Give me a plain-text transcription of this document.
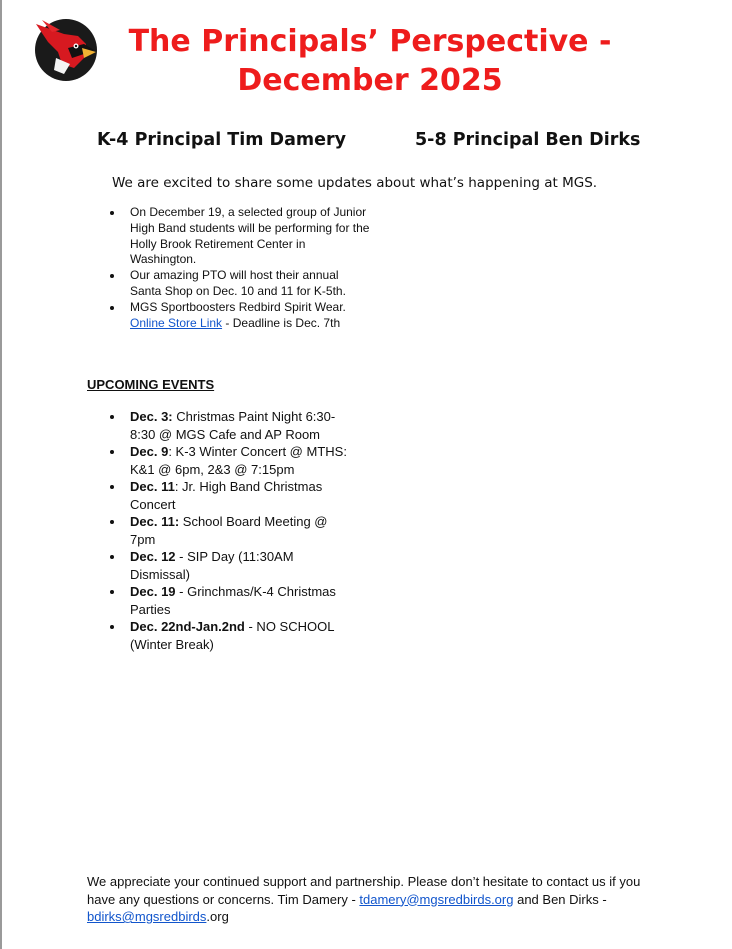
The Principals’ Perspective -
December 2025
K-4 Principal Tim Damery	5-8 Principal Ben Dirks

We are excited to share some updates about what’s happening at MGS.

On December 19, a selected group of Junior High Band students will be performing for the Holly Brook Retirement Center in Washington.
Our amazing PTO will host their annual Santa Shop on Dec. 10 and 11 for K-5th.
MGS Sportboosters Redbird Spirit Wear.
Online Store Link - Deadline is Dec. 7th
UPCOMING EVENTS
Dec. 3: Christmas Paint Night 6:30-8:30 @ MGS Cafe and AP Room
Dec. 9: K-3 Winter Concert @ MTHS: K&1 @ 6pm, 2&3 @ 7:15pm
Dec. 11: Jr. High Band Christmas Concert
Dec. 11: School Board Meeting @ 7pm
Dec. 12 - SIP Day (11:30AM Dismissal)
Dec. 19 - Grinchmas/K-4 Christmas Parties
Dec. 22nd-Jan.2nd - NO SCHOOL (Winter Break)

We appreciate your continued support and partnership. Please don’t hesitate to contact us if you have any questions or concerns. Tim Damery - tdamery@mgsredbirds.org and Ben Dirks - bdirks@mgsredbirds.org
